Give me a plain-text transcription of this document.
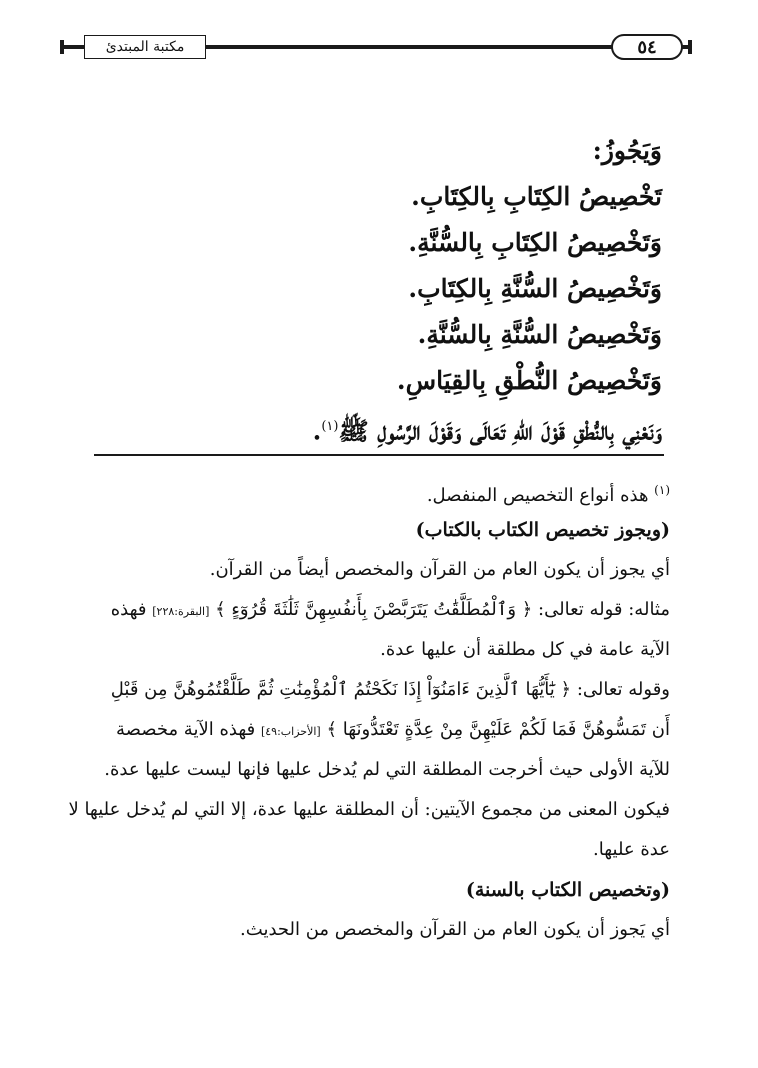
مكتبة المبتدئ	٥٤
وَيَجُوزُ:
تَخْصِيصُ الكِتَابِ بِالكِتَابِ.
وَتَخْصِيصُ الكِتَابِ بِالسُّنَّةِ.
وَتَخْصِيصُ السُّنَّةِ بِالكِتَابِ.
وَتَخْصِيصُ السُّنَّةِ بِالسُّنَّةِ.
وَتَخْصِيصُ النُّطْقِ بِالقِيَاسِ.
وَنَعْنِي بِالنُّطْقِ قَوْلَ اللهِ تَعَالَى وَقَوْلَ الرَّسُولِ ﷺ$^{(١)}$.
$^{(١)}$ هذه أنواع التخصيص المنفصل.
(ويجوز تخصيص الكتاب بالكتاب)
أي يجوز أن يكون العام من القرآن والمخصص أيضاً من القرآن.
مثاله: قوله تعالى: ﴿ وَٱلْمُطَلَّقَٰتُ يَتَرَبَّصْنَ بِأَنفُسِهِنَّ ثَلَٰثَةَ قُرُوٓءٍ ﴾ [البقرة:٢٢٨] فهذه
الآية عامة في كل مطلقة أن عليها عدة.
وقوله تعالى: ﴿ يَٰٓأَيُّهَا ٱلَّذِينَ ءَامَنُوٓاْ إِذَا نَكَحْتُمُ ٱلْمُؤْمِنَٰتِ ثُمَّ طَلَّقْتُمُوهُنَّ مِن قَبْلِ
أَن تَمَسُّوهُنَّ فَمَا لَكُمْ عَلَيْهِنَّ مِنْ عِدَّةٍ تَعْتَدُّونَهَا ﴾ [الأحزاب:٤٩] فهذه الآية مخصصة
للآية الأولى حيث أخرجت المطلقة التي لم يُدخل عليها فإنها ليست عليها عدة.
فيكون المعنى من مجموع الآيتين: أن المطلقة عليها عدة، إلا التي لم يُدخل عليها لا
عدة عليها.
(وتخصيص الكتاب بالسنة)
أي يَجوز أن يكون العام من القرآن والمخصص من الحديث.
